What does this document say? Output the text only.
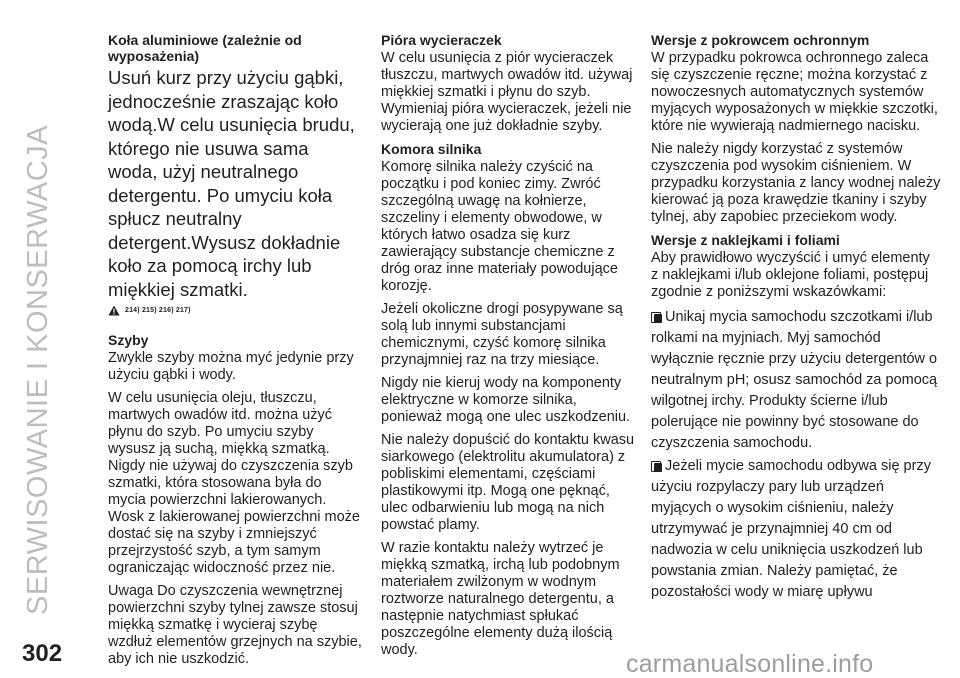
SERWISOWANIE I KONSERWACJA
Koła aluminiowe (zależnie od wyposażenia)

Usuń kurz przy użyciu gąbki, jednocześnie zraszając koło wodą.W celu usunięcia brudu, którego nie usuwa sama woda, użyj neutralnego detergentu. Po umyciu koła spłucz neutralny detergent.Wysusz dokładnie koło za pomocą irchy lub miękkiej szmatki.

214) 215) 216) 217)
Szyby

Zwykle szyby można myć jedynie przy użyciu gąbki i wody.

W celu usunięcia oleju, tłuszczu, martwych owadów itd. można użyć płynu do szyb. Po umyciu szyby wysusz ją suchą, miękką szmatką. Nigdy nie używaj do czyszczenia szyb szmatki, która stosowana była do mycia powierzchni lakierowanych. Wosk z lakierowanej powierzchni może dostać się na szyby i zmniejszyć przejrzystość szyb, a tym samym ograniczając widoczność przez nie.

Uwaga Do czyszczenia wewnętrznej powierzchni szyby tylnej zawsze stosuj miękką szmatkę i wycieraj szybę wzdłuż elementów grzejnych na szybie, aby ich nie uszkodzić.

Pióra wycieraczek

W celu usunięcia z piór wycieraczek tłuszczu, martwych owadów itd. używaj miękkiej szmatki i płynu do szyb. Wymieniaj pióra wycieraczek, jeżeli nie wycierają one już dokładnie szyby.

Komora silnika

Komorę silnika należy czyścić na początku i pod koniec zimy. Zwróć szczególną uwagę na kołnierze, szczeliny i elementy obwodowe, w których łatwo osadza się kurz zawierający substancje chemiczne z dróg oraz inne materiały powodujące korozję.

Jeżeli okoliczne drogi posypywane są solą lub innymi substancjami chemicznymi, czyść komorę silnika przynajmniej raz na trzy miesiące.

Nigdy nie kieruj wody na komponenty elektryczne w komorze silnika, ponieważ mogą one ulec uszkodzeniu.

Nie należy dopuścić do kontaktu kwasu siarkowego (elektrolitu akumulatora) z pobliskimi elementami, częściami plastikowymi itp. Mogą one pęknąć, ulec odbarwieniu lub mogą na nich powstać plamy.

W razie kontaktu należy wytrzeć je miękką szmatką, irchą lub podobnym materiałem zwilżonym w wodnym roztworze naturalnego detergentu, a następnie natychmiast spłukać poszczególne elementy dużą ilością wody.

Wersje z pokrowcem ochronnym

W przypadku pokrowca ochronnego zaleca się czyszczenie ręczne; można korzystać z nowoczesnych automatycznych systemów myjących wyposażonych w miękkie szczotki, które nie wywierają nadmiernego nacisku.

Nie należy nigdy korzystać z systemów czyszczenia pod wysokim ciśnieniem. W przypadku korzystania z lancy wodnej należy kierować ją poza krawędzie tkaniny i szyby tylnej, aby zapobiec przeciekom wody.

Wersje z naklejkami i foliami

Aby prawidłowo wyczyścić i umyć elementy z naklejkami i/lub oklejone foliami, postępuj zgodnie z poniższymi wskazówkami:

Unikaj mycia samochodu szczotkami i/lub rolkami na myjniach. Myj samochód wyłącznie ręcznie przy użyciu detergentów o neutralnym pH; osusz samochód za pomocą wilgotnej irchy. Produkty ścierne i/lub polerujące nie powinny być stosowane do czyszczenia samochodu.

Jeżeli mycie samochodu odbywa się przy użyciu rozpylaczy pary lub urządzeń myjących o wysokim ciśnieniu, należy utrzymywać je przynajmniej 40 cm od nadwozia w celu uniknięcia uszkodzeń lub powstania zmian. Należy pamiętać, że pozostałości wody w miarę upływu

302	carmanualsonline.info
